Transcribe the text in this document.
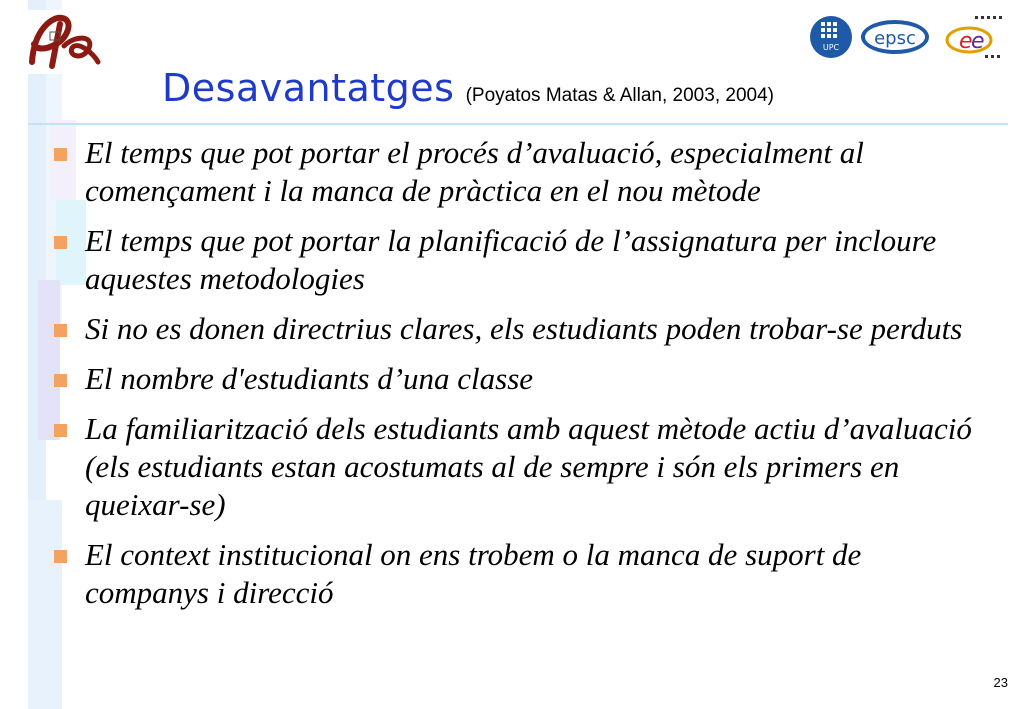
UPC epsc e
e
Desavantatges (Poyatos Matas & Allan, 2003, 2004)
El temps que pot portar el procés d’avaluació, especialment al començament i la manca de pràctica en el nou mètode
El temps que pot portar la planificació de l’assignatura per incloure aquestes metodologies
Si no es donen directrius clares, els estudiants poden trobar-se perduts
El nombre d'estudiants d’una classe
La familiarització dels estudiants amb aquest mètode actiu d’avaluació (els estudiants estan acostumats al de sempre i són els primers en queixar-se)
El context institucional on ens trobem o la manca de suport de companys i direcció
23
